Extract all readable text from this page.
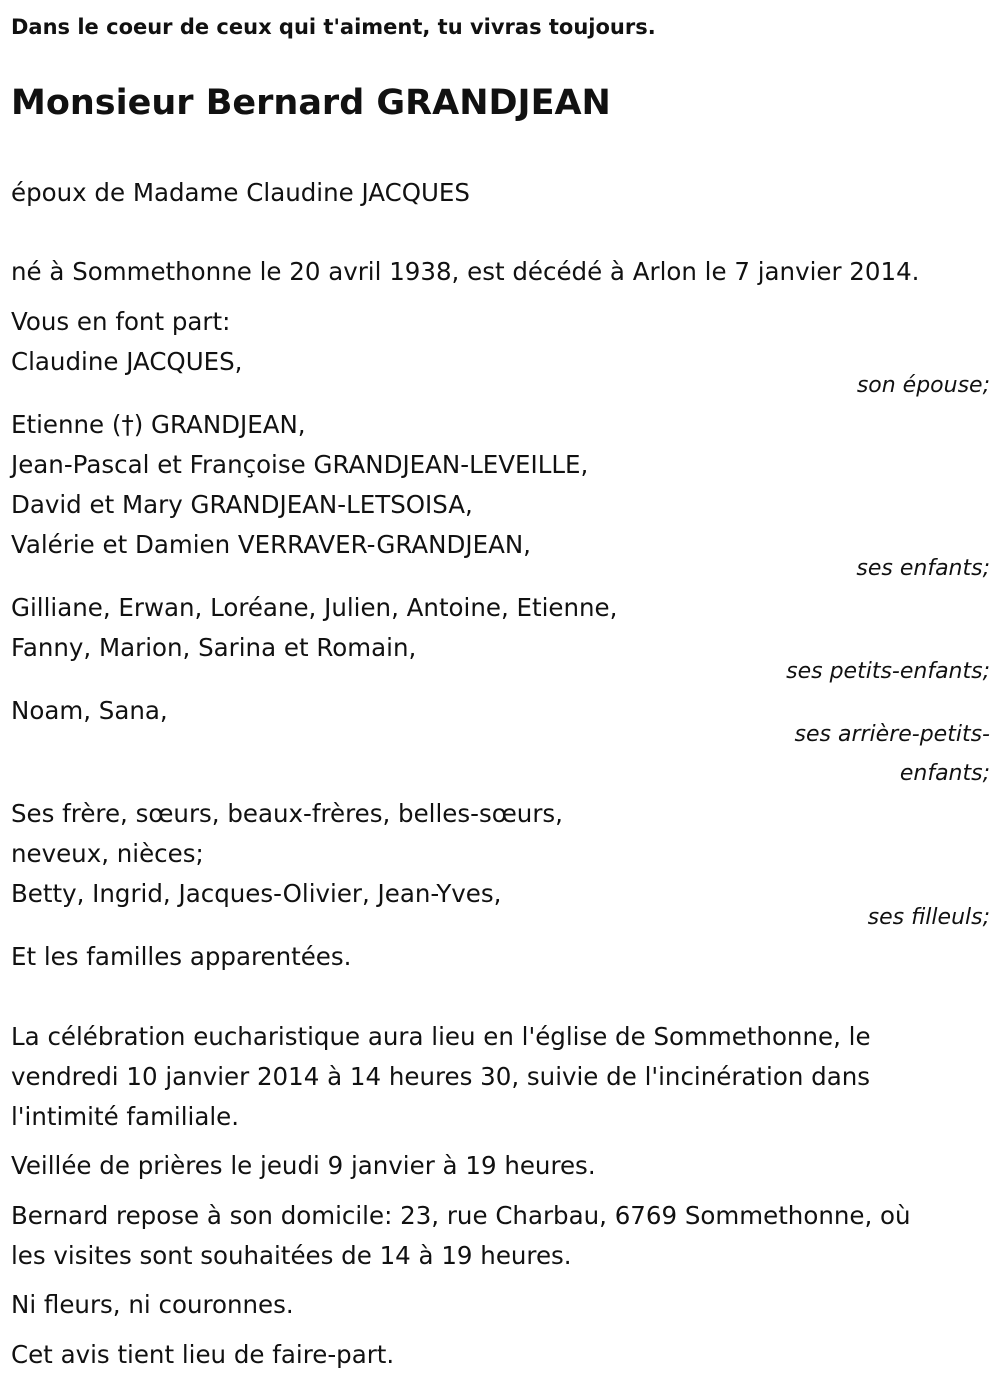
Dans le coeur de ceux qui t'aiment, tu vivras toujours.
Monsieur Bernard GRANDJEAN
époux de Madame Claudine JACQUES
né à Sommethonne le 20 avril 1938, est décédé à Arlon le 7 janvier 2014.
Vous en font part:
Claudine JACQUES,
son épouse;
Etienne (†) GRANDJEAN,
Jean-Pascal et Françoise GRANDJEAN-LEVEILLE,
David et Mary GRANDJEAN-LETSOISA,
Valérie et Damien VERRAVER-GRANDJEAN,
ses enfants;
Gilliane, Erwan, Loréane, Julien, Antoine, Etienne,
Fanny, Marion, Sarina et Romain,
ses petits-enfants;
Noam, Sana,
ses arrière-petits-
enfants;
Ses frère, sœurs, beaux-frères, belles-sœurs,
neveux, nièces;
Betty, Ingrid, Jacques-Olivier, Jean-Yves,
ses filleuls;
Et les familles apparentées.
La célébration eucharistique aura lieu en l'église de Sommethonne, le
vendredi 10 janvier 2014 à 14 heures 30, suivie de l'incinération dans
l'intimité familiale.
Veillée de prières le jeudi 9 janvier à 19 heures.
Bernard repose à son domicile: 23, rue Charbau, 6769 Sommethonne, où
les visites sont souhaitées de 14 à 19 heures.
Ni fleurs, ni couronnes.
Cet avis tient lieu de faire-part.
